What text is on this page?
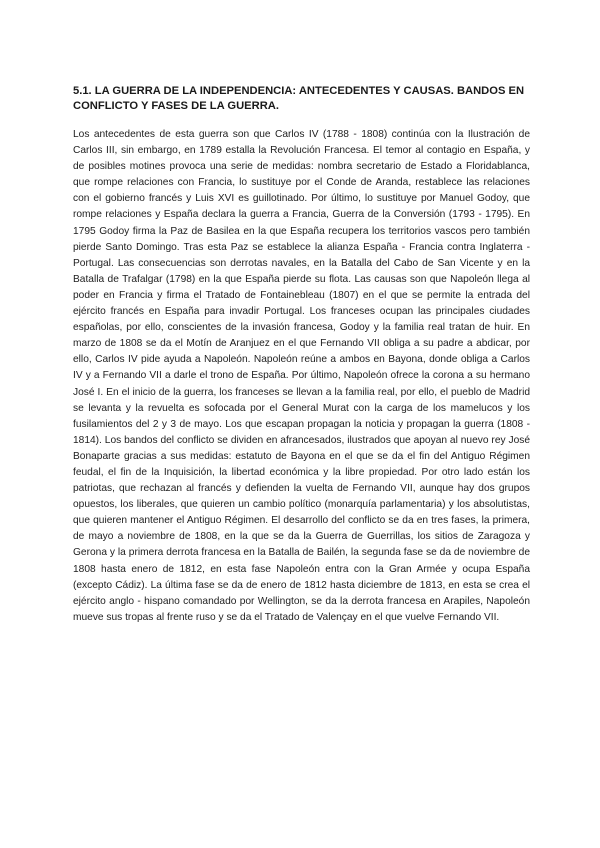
5.1. LA GUERRA DE LA INDEPENDENCIA: ANTECEDENTES Y CAUSAS. BANDOS EN CONFLICTO Y FASES DE LA GUERRA.

Los antecedentes de esta guerra son que Carlos IV (1788 - 1808) continúa con la Ilustración de Carlos III, sin embargo, en 1789 estalla la Revolución Francesa. El temor al contagio en España, y de posibles motines provoca una serie de medidas: nombra secretario de Estado a Floridablanca, que rompe relaciones con Francia, lo sustituye por el Conde de Aranda, restablece las relaciones con el gobierno francés y Luis XVI es guillotinado. Por último, lo sustituye por Manuel Godoy, que rompe relaciones y España declara la guerra a Francia, Guerra de la Conversión (1793 - 1795). En 1795 Godoy firma la Paz de Basilea en la que España recupera los territorios vascos pero también pierde Santo Domingo. Tras esta Paz se establece la alianza España - Francia contra Inglaterra - Portugal. Las consecuencias son derrotas navales, en la Batalla del Cabo de San Vicente y en la Batalla de Trafalgar (1798) en la que España pierde su flota. Las causas son que Napoleón llega al poder en Francia y firma el Tratado de Fontainebleau (1807) en el que se permite la entrada del ejército francés en España para invadir Portugal. Los franceses ocupan las principales ciudades españolas, por ello, conscientes de la invasión francesa, Godoy y la familia real tratan de huir. En marzo de 1808 se da el Motín de Aranjuez en el que Fernando VII obliga a su padre a abdicar, por ello, Carlos IV pide ayuda a Napoleón. Napoleón reúne a ambos en Bayona, donde obliga a Carlos IV y a Fernando VII a darle el trono de España. Por último, Napoleón ofrece la corona a su hermano José I. En el inicio de la guerra, los franceses se llevan a la familia real, por ello, el pueblo de Madrid se levanta y la revuelta es sofocada por el General Murat con la carga de los mamelucos y los fusilamientos del 2 y 3 de mayo. Los que escapan propagan la noticia y propagan la guerra (1808 - 1814). Los bandos del conflicto se dividen en afrancesados, ilustrados que apoyan al nuevo rey José Bonaparte gracias a sus medidas: estatuto de Bayona en el que se da el fin del Antiguo Régimen feudal, el fin de la Inquisición, la libertad económica y la libre propiedad. Por otro lado están los patriotas, que rechazan al francés y defienden la vuelta de Fernando VII, aunque hay dos grupos opuestos, los liberales, que quieren un cambio político (monarquía parlamentaria) y los absolutistas, que quieren mantener el Antiguo Régimen. El desarrollo del conflicto se da en tres fases, la primera, de mayo a noviembre de 1808, en la que se da la Guerra de Guerrillas, los sitios de Zaragoza y Gerona y la primera derrota francesa en la Batalla de Bailén, la segunda fase se da de noviembre de 1808 hasta enero de 1812, en esta fase Napoleón entra con la Gran Armée y ocupa España (excepto Cádiz). La última fase se da de enero de 1812 hasta diciembre de 1813, en esta se crea el ejército anglo - hispano comandado por Wellington, se da la derrota francesa en Arapiles, Napoleón mueve sus tropas al frente ruso y se da el Tratado de Valençay en el que vuelve Fernando VII.
